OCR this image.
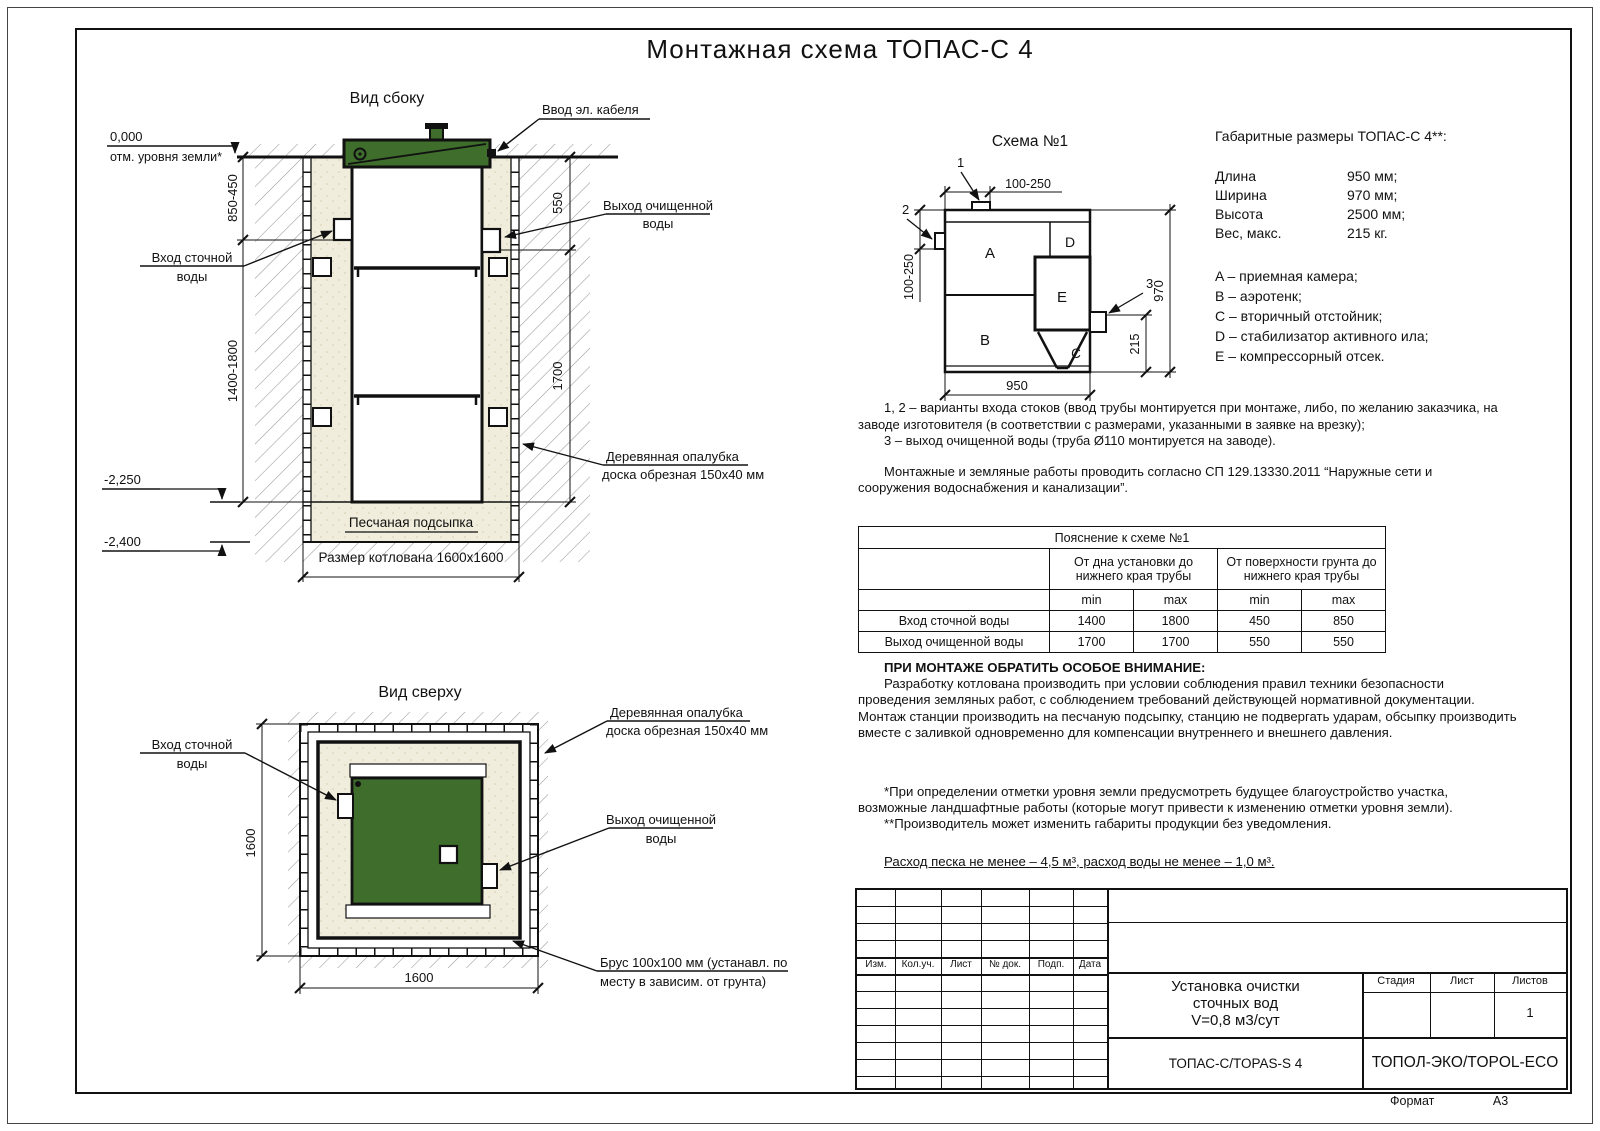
Монтажная схема ТОПАС-С 4
850-450
1400-1800
550
1700
0,000
отм. уровня земли*
-2,250
-2,400
Вид сбоку
Ввод эл. кабеля
Выход очищенной
воды
Вход сточной
воды
Деревянная опалубка
доска обрезная 150х40 мм
Песчаная подсыпка
Размер котлована 1600х1600
Вид сверху
1600
1600
Вход сточной
воды
Деревянная опалубка
доска обрезная 150х40 мм
Выход очищенной
воды
Брус 100х100 мм (устанавл. по
месту в зависим. от грунта)
Схема №1
A
B
C
D
E
100-250
1
2
3
100-250	970
215
950
Габаритные размеры ТОПАС-С 4**:
Длина	950 мм;
Ширина	970 мм;
Высота	2500 мм;
Вес, макс.	215 кг.
A – приемная камера;
B – аэротенк;
C – вторичный отстойник;
D – стабилизатор активного ила;
E – компрессорный отсек.

1, 2 – варианты входа стоков (ввод трубы монтируется при монтаже, либо, по желанию заказчика, на заводе изготовителя (в соответствии с размерами, указанными в заявке на врезку);

3 – выход очищенной воды (труба Ø110 монтируется на заводе).

Монтажные и земляные работы проводить согласно СП 129.13330.2011 “Наружные сети и сооружения водоснабжения и канализации”.

Пояснение к схеме №1				
	От дна установки до нижнего края трубы		От поверхности грунта до нижнего края трубы	
	min	max	min	max
Вход сточной воды	1400	1800	450	850
Выход очищенной воды	1700	1700	550	550

ПРИ МОНТАЖЕ ОБРАТИТЬ ОСОБОЕ ВНИМАНИЕ:

Разработку котлована производить при условии соблюдения правил техники безопасности проведения земляных работ, с соблюдением требований действующей нормативной документации. Монтаж станции производить на песчаную подсыпку, станцию не подвергать ударам, обсыпку производить вместе с заливкой одновременно для компенсации внутреннего и внешнего давления.

*При определении отметки уровня земли предусмотреть будущее благоустройство участка, возможные ландшафтные работы (которые могут привести к изменению отметки уровня земли).

**Производитель может изменить габариты продукции без уведомления.

Расход песка не менее – 4,5 м³, расход воды не менее – 1,0 м³.
Изм.	Кол.уч.	Лист	№ док.	Подп.	Дата
Установка очистки
сточных вод
V=0,8 м3/сут
ТОПАС-С/TOPAS-S 4
Стадия	Лист	Листов
1
ТОПОЛ-ЭКО/TOPOL-ECO
Формат	А3
